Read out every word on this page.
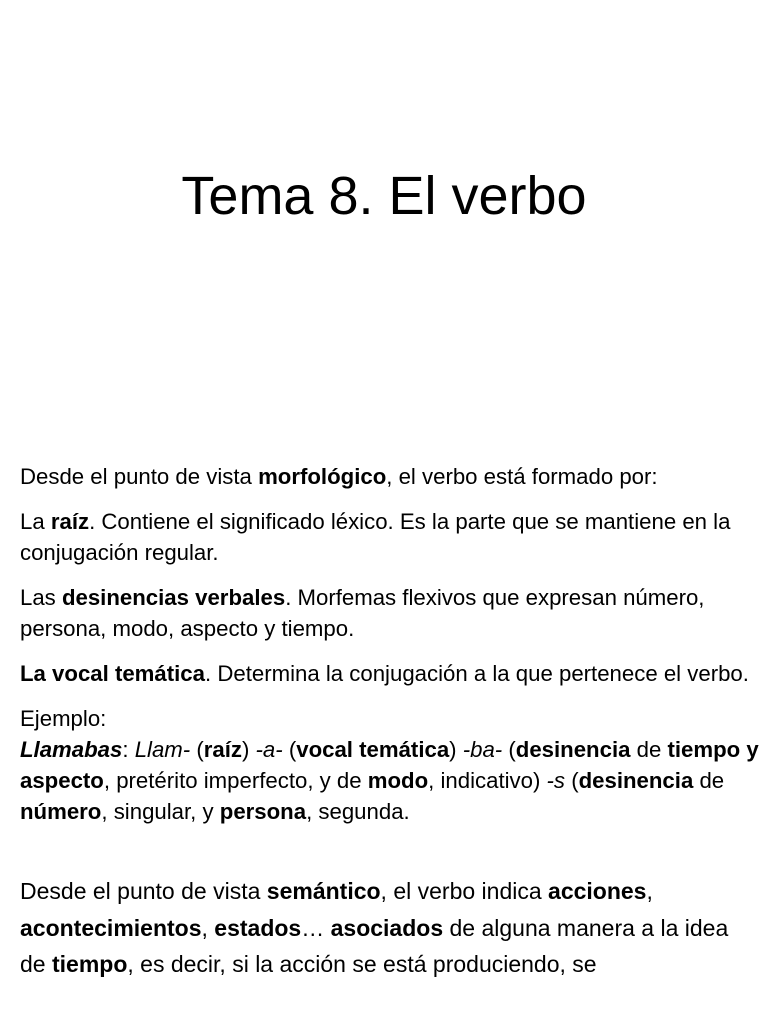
Tema 8. El verbo

Desde el punto de vista morfológico, el verbo está formado por:

La raíz. Contiene el significado léxico. Es la parte que se mantiene en la conjugación regular.

Las desinencias verbales. Morfemas flexivos que expresan número, persona, modo, aspecto y tiempo.

La vocal temática. Determina la conjugación a la que pertenece el verbo.

Ejemplo:

Llamabas: Llam- (raíz) -a- (vocal temática) -ba- (desinencia de tiempo y aspecto, pretérito imperfecto, y de modo, indicativo) -s (desinencia de número, singular, y persona, segunda.

Desde el punto de vista semántico, el verbo indica acciones, acontecimientos, estados… asociados de alguna manera a la idea de tiempo, es decir, si la acción se está produciendo, se
